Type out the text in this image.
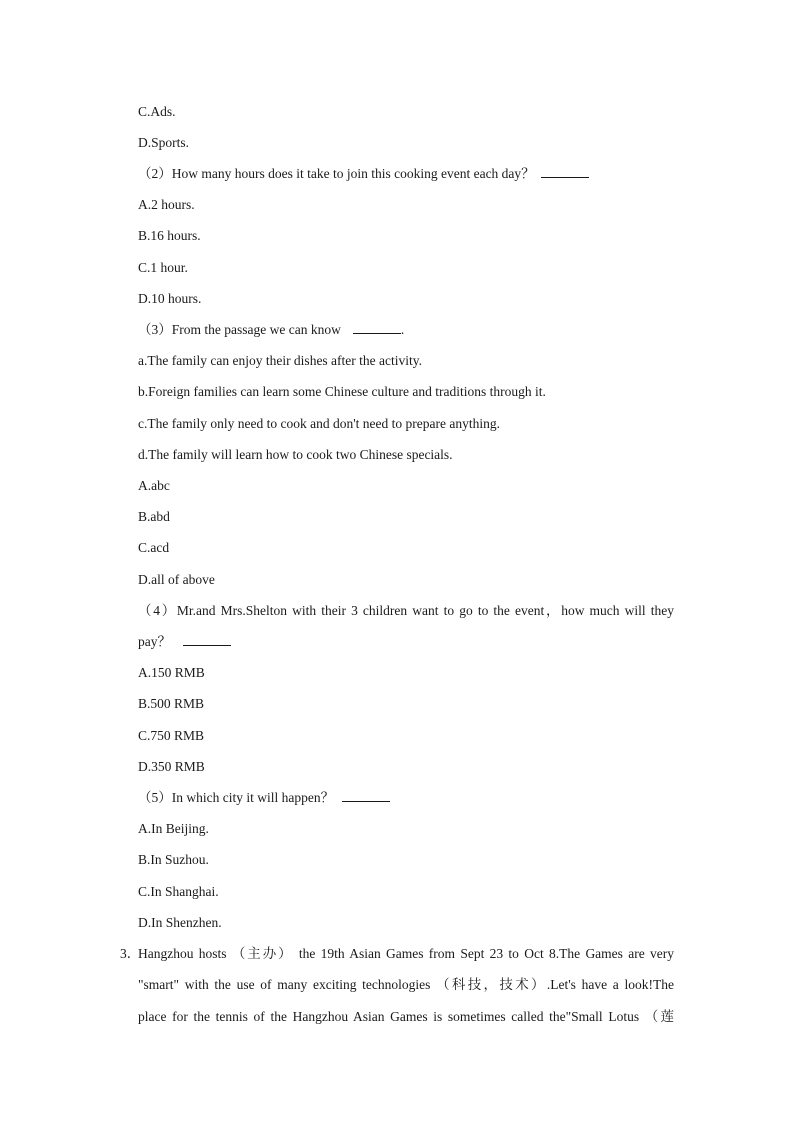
C.Ads.
D.Sports.
（2）How many hours does it take to join this cooking event each day？
A.2 hours.
B.16 hours.
C.1 hour.
D.10 hours.
（3）From the passage we can know	.
a.The family can enjoy their dishes after the activity.
b.Foreign families can learn some Chinese culture and traditions through it.
c.The family only need to cook and don't need to prepare anything.
d.The family will learn how to cook two Chinese specials.
A.abc
B.abd
C.acd
D.all of above
（4）Mr.and Mrs.Shelton with their 3 children want to go to the event，how much will they
pay？
A.150 RMB
B.500 RMB
C.750 RMB
D.350 RMB
（5）In which city it will happen？
A.In Beijing.
B.In Suzhou.
C.In Shanghai.
D.In Shenzhen.
3．
Hangzhou hosts （主办） the 19th Asian Games from Sept 23 to Oct 8.The Games are very
"smart" with the use of many exciting technologies （科技，技术）.Let's have a look!The
place for the tennis of the Hangzhou Asian Games is sometimes called the"Small Lotus （莲
